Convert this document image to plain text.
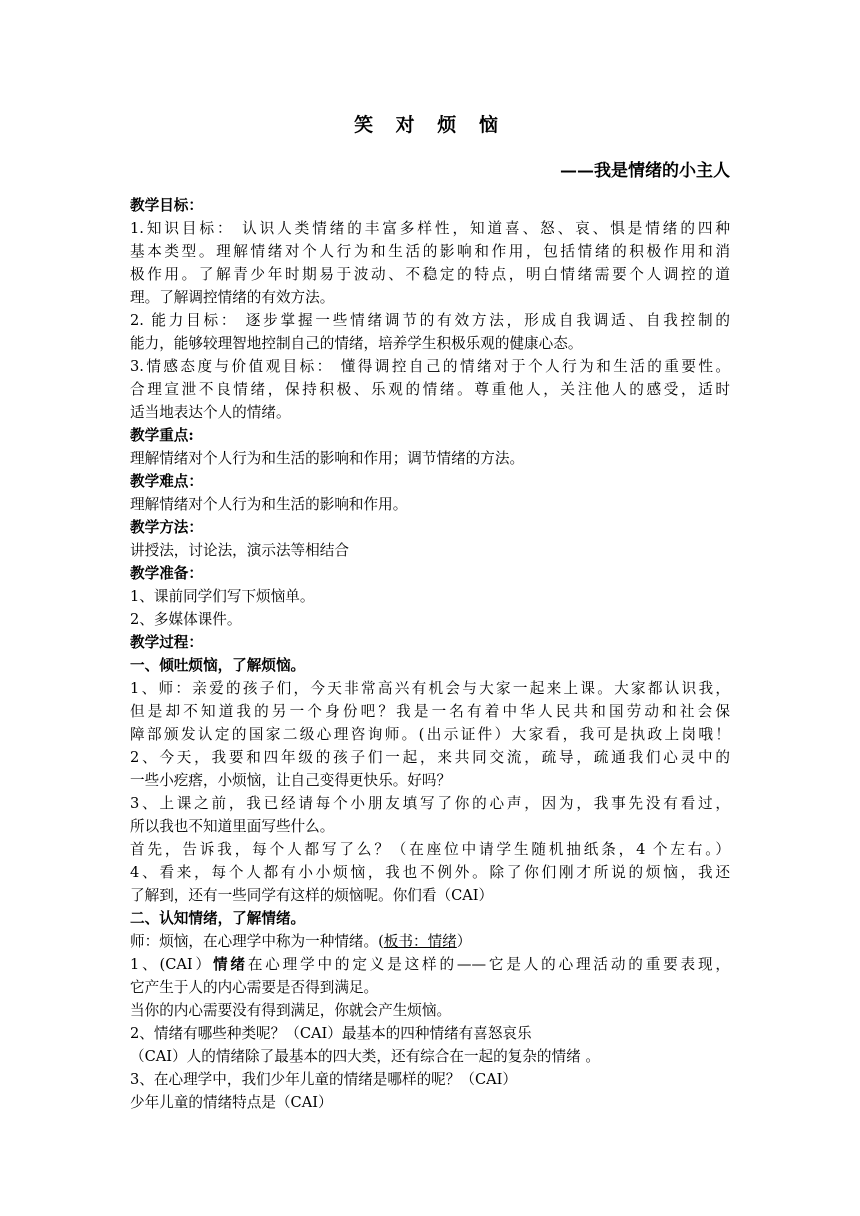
笑 对 烦 恼
——我是情绪的小主人
教学目标：
1.知识目标： 认识人类情绪的丰富多样性，知道喜、怒、哀、惧是情绪的四种
基本类型。理解情绪对个人行为和生活的影响和作用，包括情绪的积极作用和消
极作用。了解青少年时期易于波动、不稳定的特点，明白情绪需要个人调控的道
理。了解调控情绪的有效方法。
2. 能力目标： 逐步掌握一些情绪调节的有效方法，形成自我调适、自我控制的
能力，能够较理智地控制自己的情绪，培养学生积极乐观的健康心态。
3.情感态度与价值观目标： 懂得调控自己的情绪对于个人行为和生活的重要性。
合理宣泄不良情绪，保持积极、乐观的情绪。尊重他人，关注他人的感受，适时
适当地表达个人的情绪。
教学重点:
理解情绪对个人行为和生活的影响和作用；调节情绪的方法。
教学难点：
理解情绪对个人行为和生活的影响和作用。
教学方法：
讲授法，讨论法，演示法等相结合
教学准备：
1、课前同学们写下烦恼单。
2、多媒体课件。
教学过程：
一、倾吐烦恼，了解烦恼。
1、师：亲爱的孩子们，今天非常高兴有机会与大家一起来上课。大家都认识我，
但是却不知道我的另一个身份吧？我是一名有着中华人民共和国劳动和社会保
障部颁发认定的国家二级心理咨询师。(出示证件）大家看，我可是执政上岗哦！
2、今天，我要和四年级的孩子们一起，来共同交流，疏导，疏通我们心灵中的
一些小疙瘩，小烦恼，让自己变得更快乐。好吗？
3、上课之前，我已经请每个小朋友填写了你的心声，因为，我事先没有看过，
所以我也不知道里面写些什么。
首先，告诉我，每个人都写了么？（在座位中请学生随机抽纸条，4 个左右。）
4、看来，每个人都有小小烦恼，我也不例外。除了你们刚才所说的烦恼，我还
了解到，还有一些同学有这样的烦恼呢。你们看（CAI）
二、认知情绪，了解情绪。
师：烦恼，在心理学中称为一种情绪。(板书：情绪）
1、(CAI）情绪在心理学中的定义是这样的——它是人的心理活动的重要表现，
它产生于人的内心需要是否得到满足。
当你的内心需要没有得到满足，你就会产生烦恼。
2、情绪有哪些种类呢？（CAI）最基本的四种情绪有喜怒哀乐
（CAI）人的情绪除了最基本的四大类，还有综合在一起的复杂的情绪 。
3、在心理学中，我们少年儿童的情绪是哪样的呢？（CAI）
少年儿童的情绪特点是（CAI）
